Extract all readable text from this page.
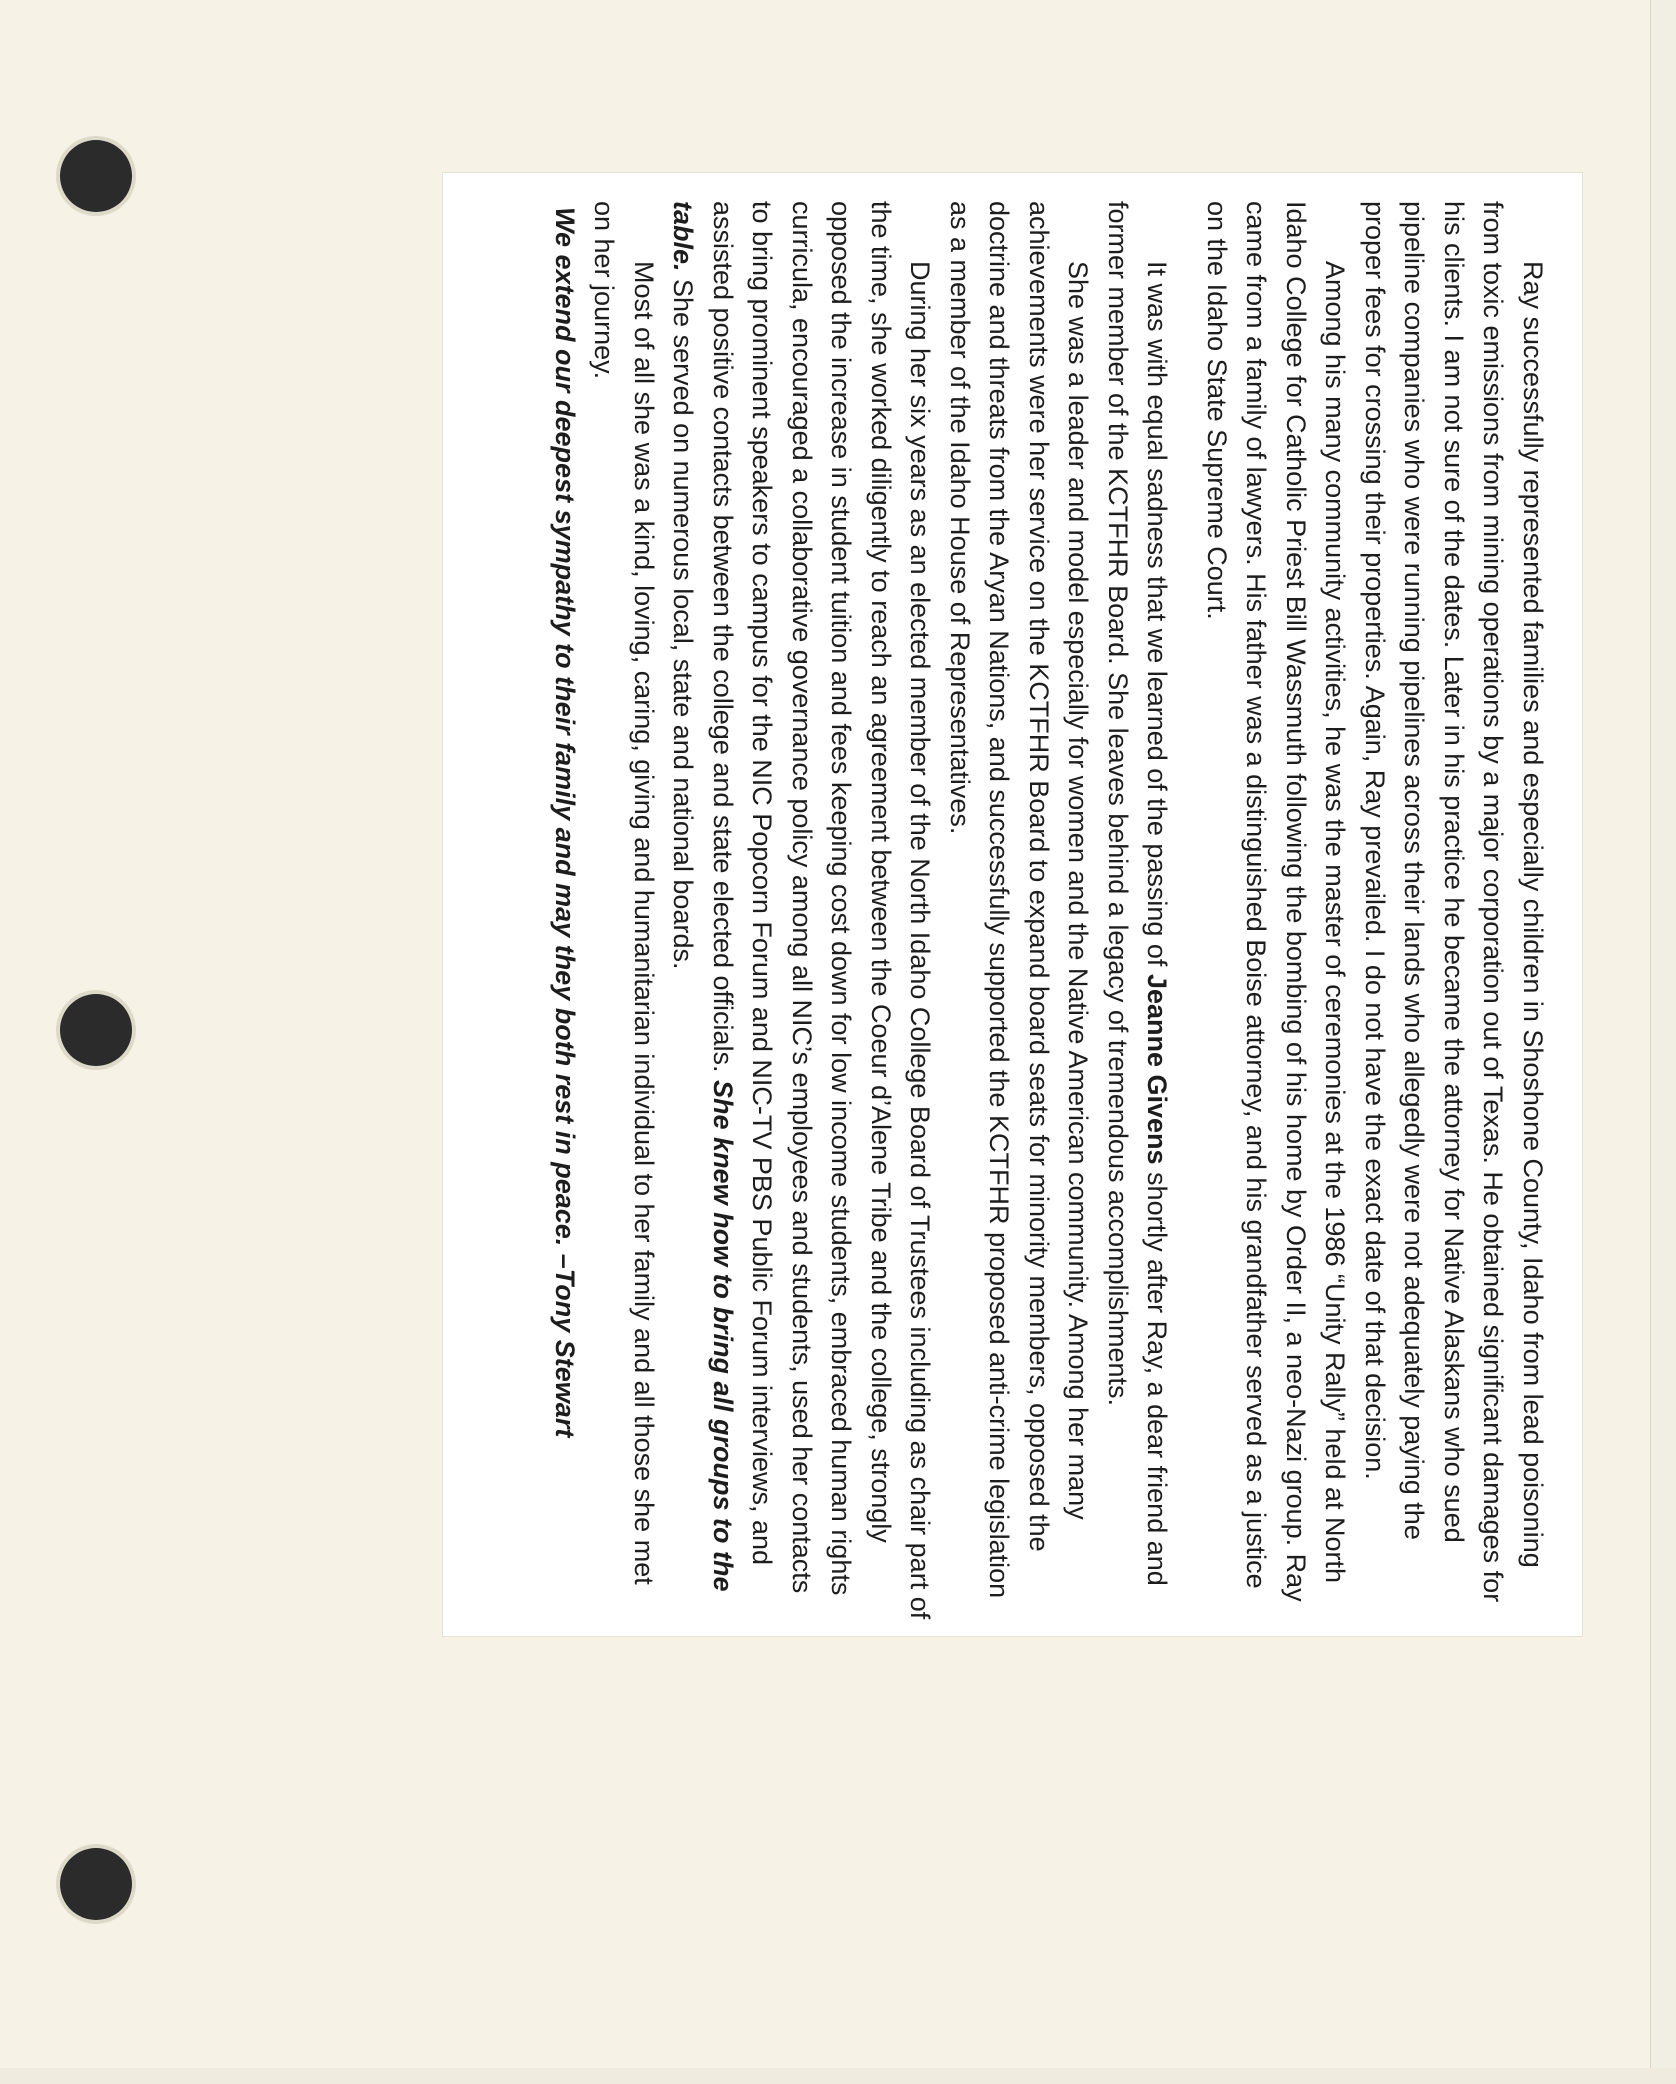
Ray successfully represented families and especially children in Shoshone County, Idaho from lead poisoning from toxic emissions from mining operations by a major corporation out of Texas. He obtained significant damages for his clients. I am not sure of the dates. Later in his practice he became the attorney for Native Alaskans who sued pipeline companies who were running pipelines across their lands who allegedly were not adequately paying the proper fees for crossing their properties. Again, Ray prevailed. I do not have the exact date of that decision.

Among his many community activities, he was the master of ceremonies at the 1986 “Unity Rally” held at North Idaho College for Catholic Priest Bill Wassmuth following the bombing of his home by Order II, a neo-Nazi group. Ray came from a family of lawyers. His father was a distinguished Boise attorney, and his grandfather served as a justice on the Idaho State Supreme Court.

It was with equal sadness that we learned of the passing of Jeanne Givens shortly after Ray, a dear friend and former member of the KCTFHR Board. She leaves behind a legacy of tremendous accomplishments.

She was a leader and model especially for women and the Native American community. Among her many achievements were her service on the KCTFHR Board to expand board seats for minority members, opposed the doctrine and threats from the Aryan Nations, and successfully supported the KCTFHR proposed anti-crime legislation as a member of the Idaho House of Representatives.

During her six years as an elected member of the North Idaho College Board of Trustees including as chair part of the time, she worked diligently to reach an agreement between the Coeur d’Alene Tribe and the college, strongly opposed the increase in student tuition and fees keeping cost down for low income students, embraced human rights curricula, encouraged a collaborative governance policy among all NIC’s employees and students, used her contacts to bring prominent speakers to campus for the NIC Popcorn Forum and NIC-TV PBS Public Forum interviews, and assisted positive contacts between the college and state elected officials. She knew how to bring all groups to the table. She served on numerous local, state and national boards.

Most of all she was a kind, loving, caring, giving and humanitarian individual to her family and all those she met on her journey.

We extend our deepest sympathy to their family and may they both rest in peace. –Tony Stewart
